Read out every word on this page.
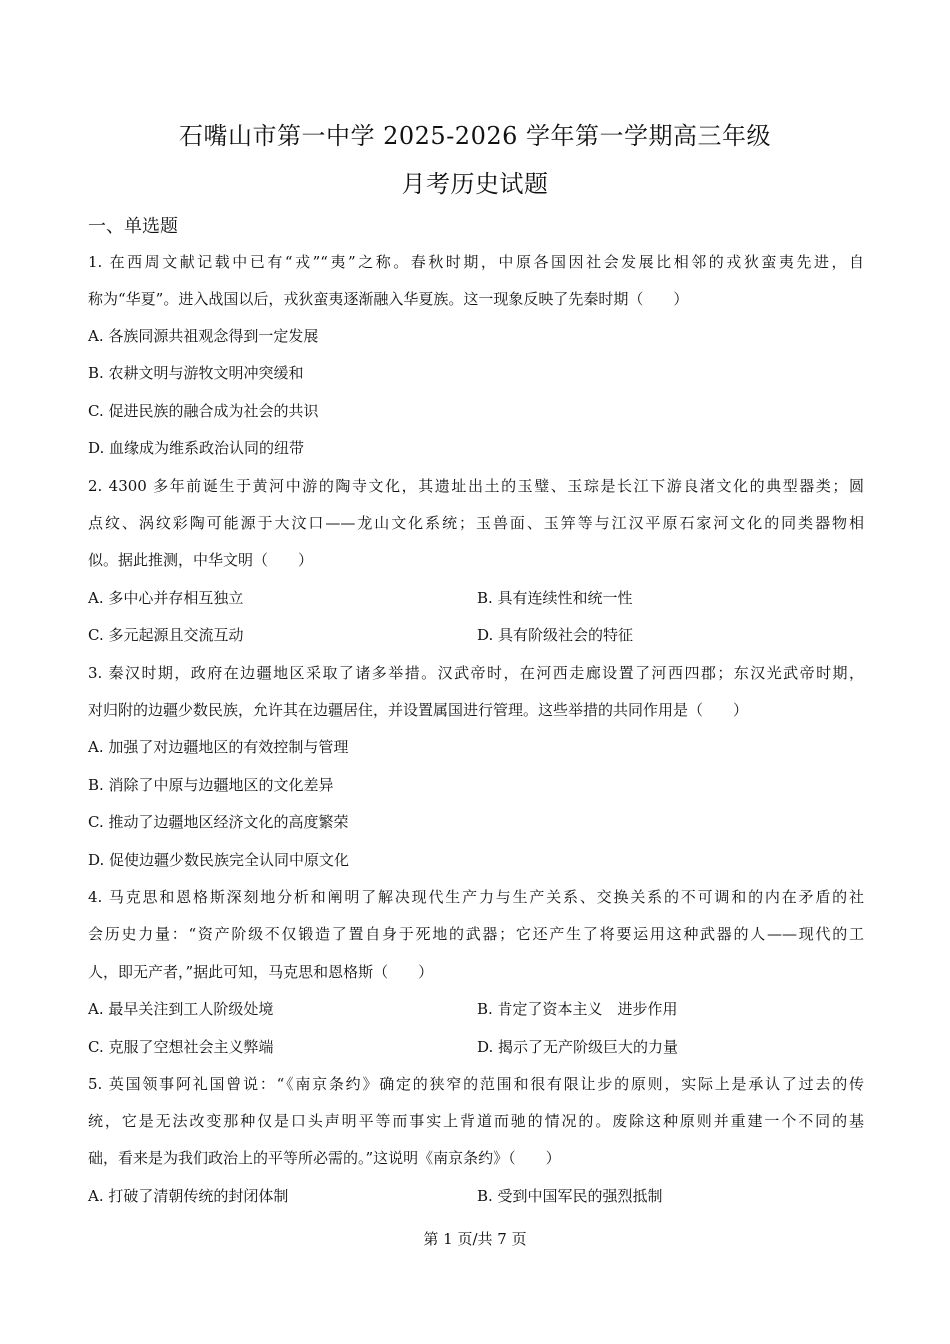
石嘴山市第一中学 2025-2026 学年第一学期高三年级
月考历史试题
一、单选题
1. 在西周文献记载中已有“戎”“夷”之称。春秋时期，中原各国因社会发展比相邻的戎狄蛮夷先进，自
称为“华夏”。进入战国以后，戎狄蛮夷逐渐融入华夏族。这一现象反映了先秦时期（　　）
A. 各族同源共祖观念得到一定发展
B. 农耕文明与游牧文明冲突缓和
C. 促进民族的融合成为社会的共识
D. 血缘成为维系政治认同的纽带
2. 4300 多年前诞生于黄河中游的陶寺文化，其遗址出土的玉璧、玉琮是长江下游良渚文化的典型器类；圆
点纹、涡纹彩陶可能源于大汶口——龙山文化系统；玉兽面、玉笄等与江汉平原石家河文化的同类器物相
似。据此推测，中华文明（　　）
A. 多中心并存相互独立	B. 具有连续性和统一性
C. 多元起源且交流互动	D. 具有阶级社会的特征
3. 秦汉时期，政府在边疆地区采取了诸多举措。汉武帝时，在河西走廊设置了河西四郡；东汉光武帝时期，
对归附的边疆少数民族，允许其在边疆居住，并设置属国进行管理。这些举措的共同作用是（　　）
A. 加强了对边疆地区的有效控制与管理
B. 消除了中原与边疆地区的文化差异
C. 推动了边疆地区经济文化的高度繁荣
D. 促使边疆少数民族完全认同中原文化
4. 马克思和恩格斯深刻地分析和阐明了解决现代生产力与生产关系、交换关系的不可调和的内在矛盾的社
会历史力量：“资产阶级不仅锻造了置自身于死地的武器；它还产生了将要运用这种武器的人——现代的工
人，即无产者，”据此可知，马克思和恩格斯（　　）
A. 最早关注到工人阶级处境	B. 肯定了资本主义　进步作用
C. 克服了空想社会主义弊端	D. 揭示了无产阶级巨大的力量
5. 英国领事阿礼国曾说：“《南京条约》确定的狭窄的范围和很有限让步的原则，实际上是承认了过去的传
统，它是无法改变那种仅是口头声明平等而事实上背道而驰的情况的。废除这种原则并重建一个不同的基
础，看来是为我们政治上的平等所必需的。”这说明《南京条约》（　　）
A. 打破了清朝传统的封闭体制	B. 受到中国军民的强烈抵制
第 1 页/共 7 页
